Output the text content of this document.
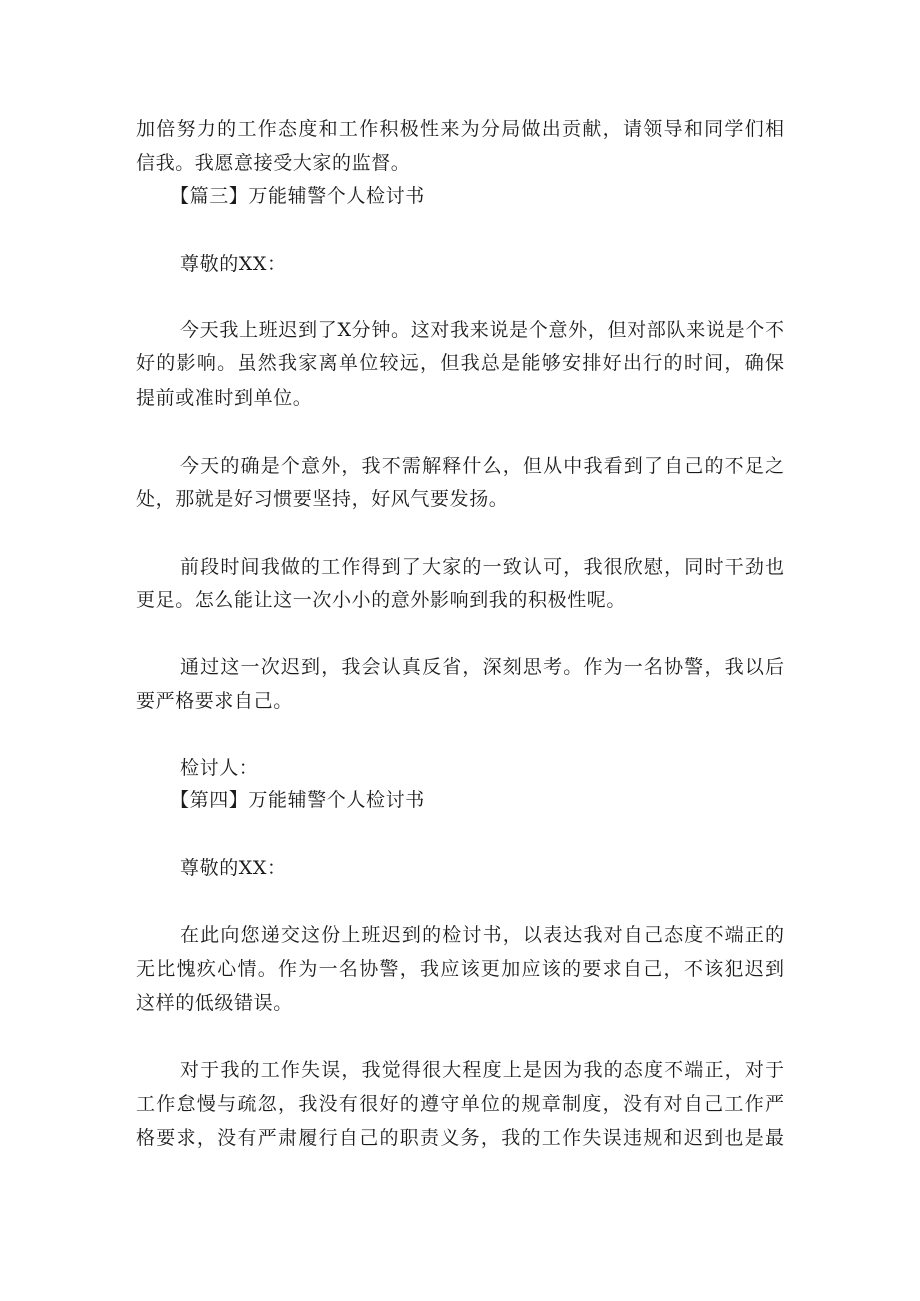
加倍努力的工作态度和工作积极性来为分局做出贡献，请领导和同学们相
信我。我愿意接受大家的监督。
【篇三】万能辅警个人检讨书
尊敬的XX：
今天我上班迟到了X分钟。这对我来说是个意外，但对部队来说是个不
好的影响。虽然我家离单位较远，但我总是能够安排好出行的时间，确保
提前或准时到单位。
今天的确是个意外，我不需解释什么，但从中我看到了自己的不足之
处，那就是好习惯要坚持，好风气要发扬。
前段时间我做的工作得到了大家的一致认可，我很欣慰，同时干劲也
更足。怎么能让这一次小小的意外影响到我的积极性呢。
通过这一次迟到，我会认真反省，深刻思考。作为一名协警，我以后
要严格要求自己。
检讨人：
【第四】万能辅警个人检讨书
尊敬的XX：
在此向您递交这份上班迟到的检讨书，以表达我对自己态度不端正的
无比愧疚心情。作为一名协警，我应该更加应该的要求自己，不该犯迟到
这样的低级错误。
对于我的工作失误，我觉得很大程度上是因为我的态度不端正，对于
工作怠慢与疏忽，我没有很好的遵守单位的规章制度，没有对自己工作严
格要求，没有严肃履行自己的职责义务，我的工作失误违规和迟到也是最
